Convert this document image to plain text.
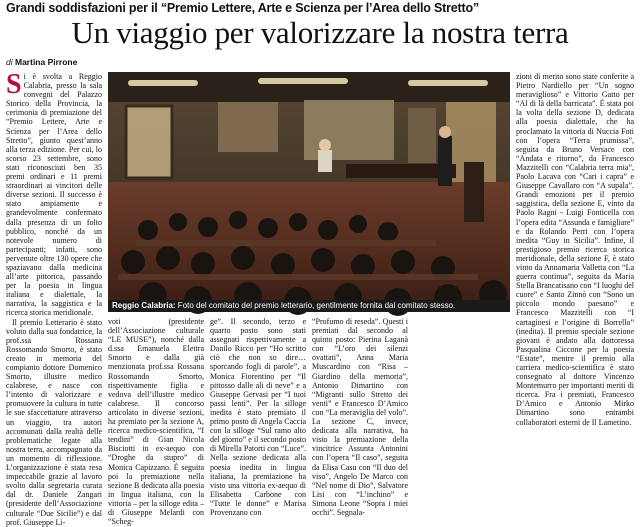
Grandi soddisfazioni per il “Premio Lettere, Arte e Scienza per l’Area dello Stretto”
Un viaggio per valorizzare la nostra terra
di Martina Pirrone
S i è svolta a Reggio Calabria, presso la sala convegni del Palazzo Storico della Provincia, la cerimonia di premiazione del “Premio Lettere, Arte e Scienza per l’Area dello Stretto”, giunto quest’anno alla terza edizione. Per cui, lo scorso 23 settembre, sono stati riconosciuti ben 35 premi ordinari e 11 premi straordinari ai vincitori delle diverse sezioni. Il successo è stato ampiamente e grandevolmente confermato dalla presenza di un folto pubblico, nonché da un notevole numero di partecipanti; infatti, sono pervenute oltre 130 opere che spaziavano dalla medicina all’arte pittorica, passando per la poesia in lingua italiana e dialettale, la narrativa, la saggistica e la ricerca storica meridionale.

Il premio Letterario è stato voluto dalla sua fondatrice, la prof.ssa Rossana Rossomando Smorto, è stato creato in memoria del compianto dottore Domenico Smorto, illustre medico calabrese, e nasce con l’intento di valorizzare e promuovere la cultura in tutte le sue sfaccettature attraverso un viaggio, tra autori accomunati dalla realtà delle problematiche legate alla nostra terra, accompagnato da un momento di riflessione. L’organizzazione è stata resa impeccabile grazie al lavoro svolto dalla segretaria curata dal dr. Daniele Zangari (presidente dell’Associazione culturale “Due Sicilie”) e dal prof. Giuseppe Li-

Reggio Calabria: Foto del comitato del premio letterario, gentilmente fornita dal comitato stesso.

voti (presidente dell’Associazione culturale “LE MUSE”), nonché dalla d.ssa Emanuela Elettra Smorto e dalla già menzionata prof.ssa Rossana Rossomando Smorto, rispettivamente figlia e vedova dell’illustre medico calabrese. Il concorso articolato in diverse sezioni, ha premiato per la sezione A, ricerca medico-scientifica, “I tendini” di Gian Nicola Bisciotti in ex-aequo con “Droghe da stupro” di Monica Capizzano. È seguita poi la premiazione nella sezione B dedicata alla poesia in lingua italiana, con la vittoria – per la silloge edita – di Giuseppe Melardi con “Scheg-

ge”. Il secondo, terzo e quarto posto sono stati assegnati rispettivamente a Danilo Ricco per “Ho scritto ciò che non so dire… sporcando fogli di parole”, a Monica Fiorentino per “Il pittosso dalle ali di neve” e a Giuseppe Gervasi per “I tuoi passi lenti”. Per la silloge inedita è stato premiato il primo posto di Angela Caccia con la silloge “Sul ramo alto del giorno” e il secondo posto di Mirella Patorti con “Luce”. Nella sezione dedicata alla poesia inedita in lingua italiana, la premiazione ha visto una vittoria ex-aequo di Elisabetta Carbone con “Tutte le donne” e Marisa Provenzano con

“Profumo di reseda”. Questi i premiati dal secondo al quinto posto: Pierina Laganà con “L’oro dei silenzi ovattati”, Anna Maria Muscardino con “Risa – Giardino della memoria”, Antonio Dimartino con “Migranti sullo Stretto dei venti” e Francesco D’Amico con “La meraviglia del volo”. La sezione C, invece, dedicata alla narrativa, ha visto la premiazione della vincitrice Assunta Antonini con l’opera “Il caso”, seguita da Elisa Casu con “Il duo del viso”, Angelo De Marco con “Nel nome di Dio”, Salvatore Lisi con “L’inchino” e Simona Leone “Sopra i miei occhi”. Segnala-

zioni di merito sono state conferite a Pietro Nardiello per “Un sogno meraviglioso” e Vittorio Gatto per “Al di là della barricata”. È stata poi la volta della sezione D, dedicata alla poesia dialettale, che ha proclamato la vittoria di Nuccia Foti con l’opera “Terra prumissa”, seguita da Bruno Versace con “Andata e ritorno”, da Francesco Mazzitelli con “Calabria terra mia”, Paolo Lacava con “Cari i capra” e Giuseppe Cavallaro con “A supala”. Grandi emozioni per il premio saggistica, della sezione E, vinto da Paolo Ragni - Luigi Fonticella con l’opera edita “Assunda e famigliare” e da Rolando Perri con l’opera inedita “Guy in Sicilia”. Infine, il prestigioso premio ricerca storica meridionale, della sezione F, è stato vinto da Annamaria Valletta con “La guerra continua”, seguita da Maria Stella Brancatisano con “I luoghi del cuore” e Santo Zinnò con “Sono un piccolo mondo paesano” e Francesco Mazzitelli con “I cartaginesi e l’origine di Borrello” (inedita). Il premio speciale sezione giovani è andato alla dottoressa Pasqualina Ciccone per la poesia “Estate”, mentre il premio alla carriera medico-scientifica è stato consegnato al dottore Vincenzo Montemurro per importanti meriti di ricerca. Fra i premiati, Francesco D’Amico e Antonio Mirko Dimartino sono entrambi collaboratori esterni de Il Lametino.
